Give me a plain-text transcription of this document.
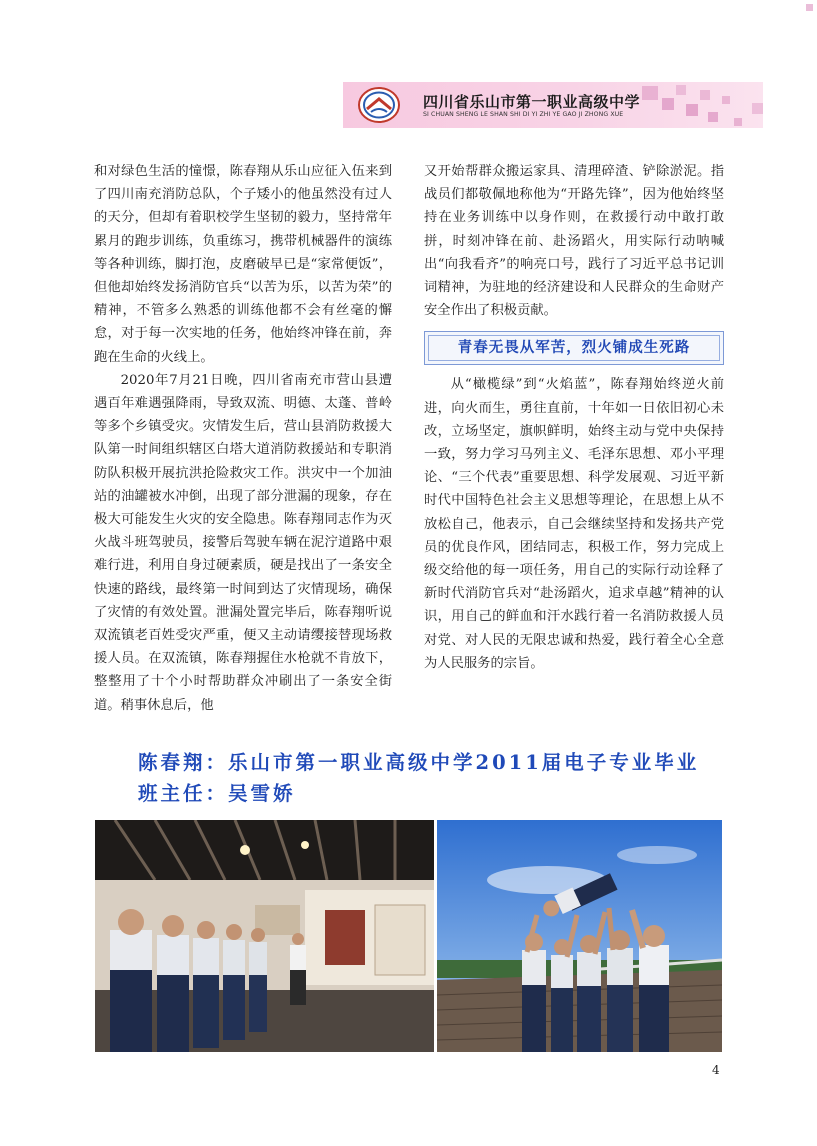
四川省乐山市第一职业高级中学
SI CHUAN SHENG LE SHAN SHI DI YI ZHI YE GAO JI ZHONG XUE

和对绿色生活的憧憬，陈春翔从乐山应征入伍来到了四川南充消防总队，个子矮小的他虽然没有过人的天分，但却有着职校学生坚韧的毅力，坚持常年累月的跑步训练，负重练习，携带机械器件的演练等各种训练，脚打泡，皮磨破早已是“家常便饭”，但他却始终发扬消防官兵“以苦为乐，以苦为荣”的精神，不管多么熟悉的训练他都不会有丝毫的懈怠，对于每一次实地的任务，他始终冲锋在前，奔跑在生命的火线上。

2020年7月21日晚，四川省南充市营山县遭遇百年难遇强降雨，导致双流、明德、太蓬、普岭等多个乡镇受灾。灾情发生后，营山县消防救援大队第一时间组织辖区白塔大道消防救援站和专职消防队积极开展抗洪抢险救灾工作。洪灾中一个加油站的油罐被水冲倒，出现了部分泄漏的现象，存在极大可能发生火灾的安全隐患。陈春翔同志作为灭火战斗班驾驶员，接警后驾驶车辆在泥泞道路中艰难行进，利用自身过硬素质，硬是找出了一条安全快速的路线，最终第一时间到达了灾情现场，确保了灾情的有效处置。泄漏处置完毕后，陈春翔听说双流镇老百姓受灾严重，便又主动请缨接替现场救援人员。在双流镇，陈春翔握住水枪就不肯放下，整整用了十个小时帮助群众冲刷出了一条安全街道。稍事休息后，他

又开始帮群众搬运家具、清理碎渣、铲除淤泥。指战员们都敬佩地称他为“开路先锋”，因为他始终坚持在业务训练中以身作则，在救援行动中敢打敢拼，时刻冲锋在前、赴汤蹈火，用实际行动呐喊出“向我看齐”的响亮口号，践行了习近平总书记训词精神，为驻地的经济建设和人民群众的生命财产安全作出了积极贡献。

青春无畏从军苦，烈火铺成生死路

从“橄榄绿”到“火焰蓝”，陈春翔始终逆火前进，向火而生，勇往直前，十年如一日依旧初心未改，立场坚定，旗帜鲜明，始终主动与党中央保持一致，努力学习马列主义、毛泽东思想、邓小平理论、“三个代表”重要思想、科学发展观、习近平新时代中国特色社会主义思想等理论，在思想上从不放松自己，他表示，自己会继续坚持和发扬共产党员的优良作风，团结同志，积极工作，努力完成上级交给他的每一项任务，用自己的实际行动诠释了新时代消防官兵对“赴汤蹈火，追求卓越”精神的认识，用自己的鲜血和汗水践行着一名消防救援人员对党、对人民的无限忠诚和热爱，践行着全心全意为人民服务的宗旨。

陈春翔：乐山市第一职业高级中学2011届电子专业毕业
班主任：吴雪娇
4
